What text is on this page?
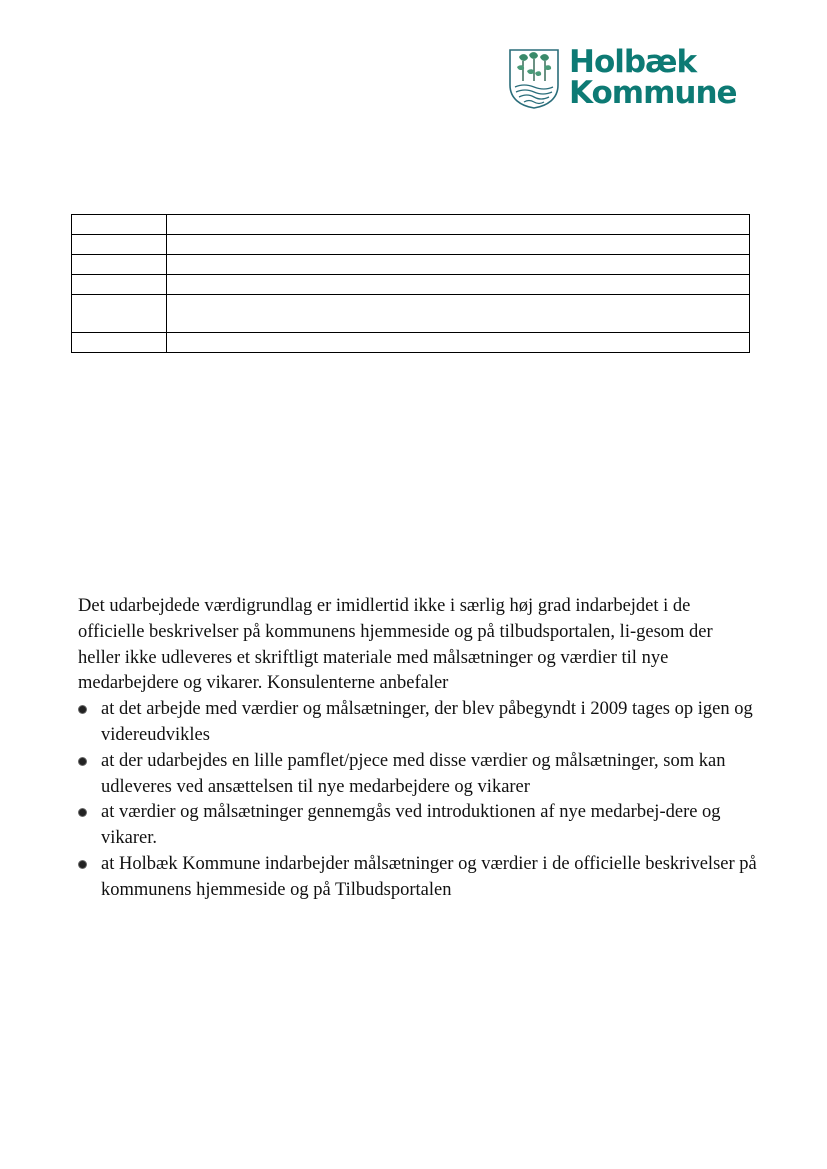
Holbæk
Kommune

Det udarbejdede værdigrundlag er imidlertid ikke i særlig høj grad indarbejdet i de officielle beskrivelser på kommunens hjemmeside og på tilbudsportalen, li-gesom der heller ikke udleveres et skriftligt materiale med målsætninger og værdier til nye medarbejdere og vikarer. Konsulenterne anbefaler

at det arbejde med værdier og målsætninger, der blev påbegyndt i 2009 tages op igen og videreudvikles
at der udarbejdes en lille pamflet/pjece med disse værdier og målsætninger, som kan udleveres ved ansættelsen til nye medarbejdere og vikarer
at værdier og målsætninger gennemgås ved introduktionen af nye medarbej-dere og vikarer.
at Holbæk Kommune indarbejder målsætninger og værdier i de officielle beskrivelser på kommunens hjemmeside og på Tilbudsportalen
